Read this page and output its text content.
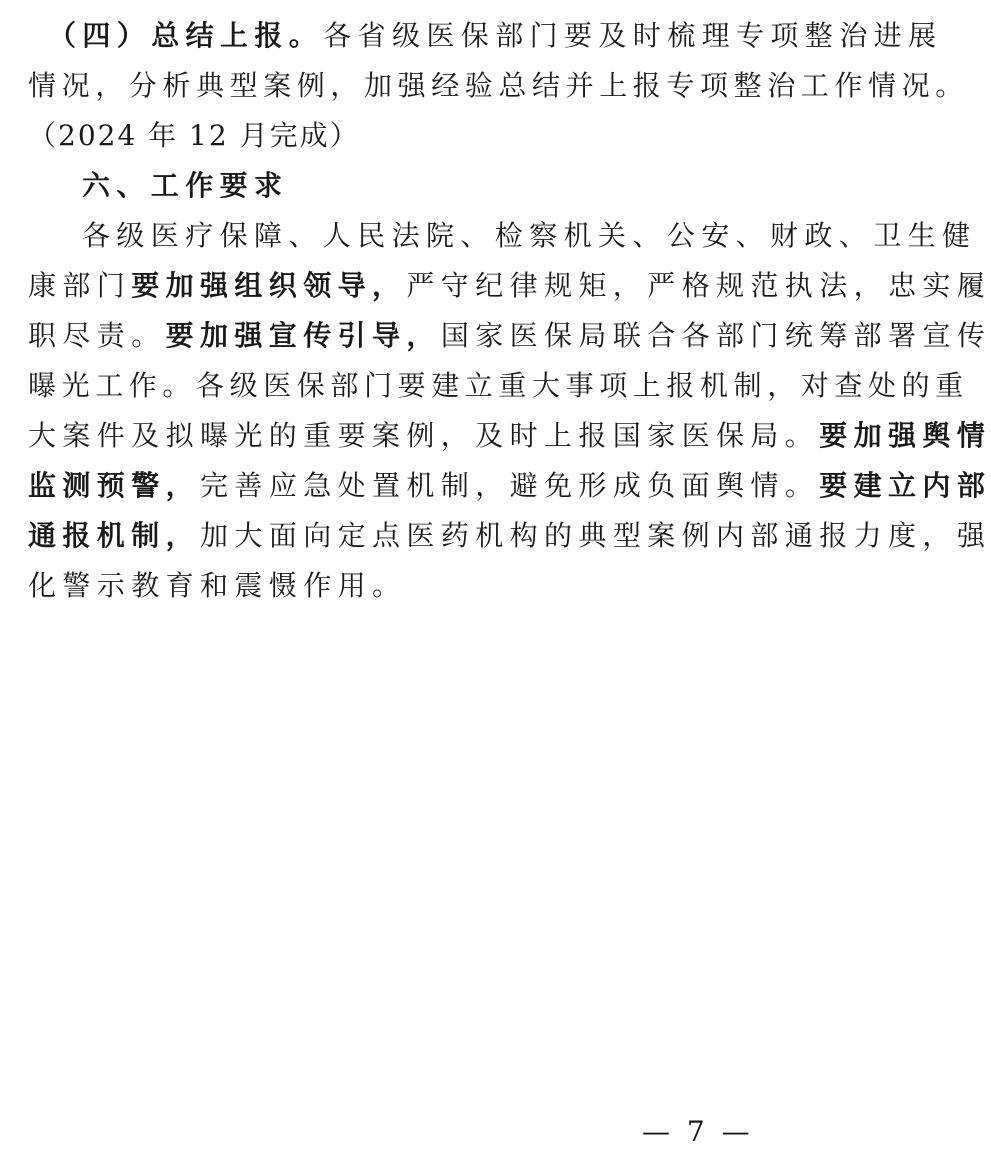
（四）总结上报。各省级医保部门要及时梳理专项整治进展
情况，分析典型案例，加强经验总结并上报专项整治工作情况。
（2024 年 12 月完成）
六、工作要求
各级医疗保障、人民法院、检察机关、公安、财政、卫生健
康部门要加强组织领导，严守纪律规矩，严格规范执法，忠实履
职尽责。要加强宣传引导，国家医保局联合各部门统筹部署宣传
曝光工作。各级医保部门要建立重大事项上报机制，对查处的重
大案件及拟曝光的重要案例，及时上报国家医保局。要加强舆情
监测预警，完善应急处置机制，避免形成负面舆情。要建立内部
通报机制，加大面向定点医药机构的典型案例内部通报力度，强
化警示教育和震慑作用。
— 7 —
